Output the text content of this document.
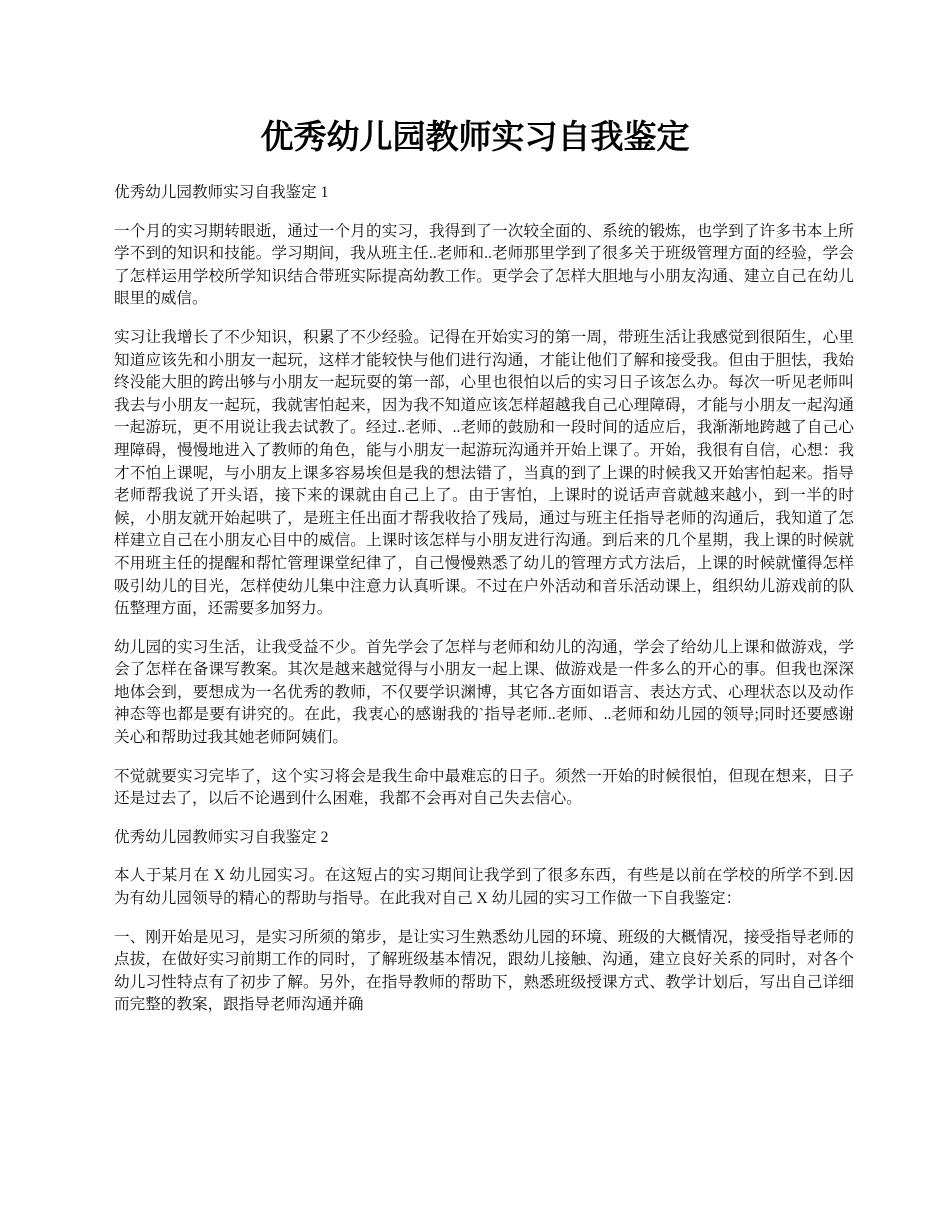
优秀幼儿园教师实习自我鉴定

优秀幼儿园教师实习自我鉴定 1

一个月的实习期转眼逝，通过一个月的实习，我得到了一次较全面的、系统的锻炼，也学到了许多书本上所学不到的知识和技能。学习期间，我从班主任..老师和..老师那里学到了很多关于班级管理方面的经验，学会了怎样运用学校所学知识结合带班实际提高幼教工作。更学会了怎样大胆地与小朋友沟通、建立自己在幼儿眼里的威信。

实习让我增长了不少知识，积累了不少经验。记得在开始实习的第一周，带班生活让我感觉到很陌生，心里知道应该先和小朋友一起玩，这样才能较快与他们进行沟通，才能让他们了解和接受我。但由于胆怯，我始终没能大胆的跨出够与小朋友一起玩耍的第一部，心里也很怕以后的实习日子该怎么办。每次一听见老师叫我去与小朋友一起玩，我就害怕起来，因为我不知道应该怎样超越我自己心理障碍，才能与小朋友一起沟通一起游玩，更不用说让我去试教了。经过..老师、..老师的鼓励和一段时间的适应后，我渐渐地跨越了自己心理障碍，慢慢地进入了教师的角色，能与小朋友一起游玩沟通并开始上课了。开始，我很有自信，心想：我才不怕上课呢，与小朋友上课多容易埃但是我的想法错了，当真的到了上课的时候我又开始害怕起来。指导老师帮我说了开头语，接下来的课就由自己上了。由于害怕，上课时的说话声音就越来越小，到一半的时候，小朋友就开始起哄了，是班主任出面才帮我收拾了残局，通过与班主任指导老师的沟通后，我知道了怎样建立自己在小朋友心目中的威信。上课时该怎样与小朋友进行沟通。到后来的几个星期，我上课的时候就不用班主任的提醒和帮忙管理课堂纪律了，自己慢慢熟悉了幼儿的管理方式方法后，上课的时候就懂得怎样吸引幼儿的目光，怎样使幼儿集中注意力认真听课。不过在户外活动和音乐活动课上，组织幼儿游戏前的队伍整理方面，还需要多加努力。

幼儿园的实习生活，让我受益不少。首先学会了怎样与老师和幼儿的沟通，学会了给幼儿上课和做游戏，学会了怎样在备课写教案。其次是越来越觉得与小朋友一起上课、做游戏是一件多么的开心的事。但我也深深地体会到，要想成为一名优秀的教师，不仅要学识渊博，其它各方面如语言、表达方式、心理状态以及动作神态等也都是要有讲究的。在此，我衷心的感谢我的`指导老师..老师、..老师和幼儿园的领导;同时还要感谢关心和帮助过我其她老师阿姨们。

不觉就要实习完毕了，这个实习将会是我生命中最难忘的日子。须然一开始的时候很怕，但现在想来，日子还是过去了，以后不论遇到什么困难，我都不会再对自己失去信心。

优秀幼儿园教师实习自我鉴定 2

本人于某月在 X 幼儿园实习。在这短占的实习期间让我学到了很多东西，有些是以前在学校的所学不到.因为有幼儿园领导的精心的帮助与指导。在此我对自己 X 幼儿园的实习工作做一下自我鉴定：

一、刚开始是见习，是实习所须的第步，是让实习生熟悉幼儿园的环境、班级的大概情况，接受指导老师的点拔，在做好实习前期工作的同时，了解班级基本情况，跟幼儿接触、沟通，建立良好关系的同时，对各个幼儿习性特点有了初步了解。另外，在指导教师的帮助下，熟悉班级授课方式、教学计划后，写出自己详细而完整的教案，跟指导老师沟通并确
